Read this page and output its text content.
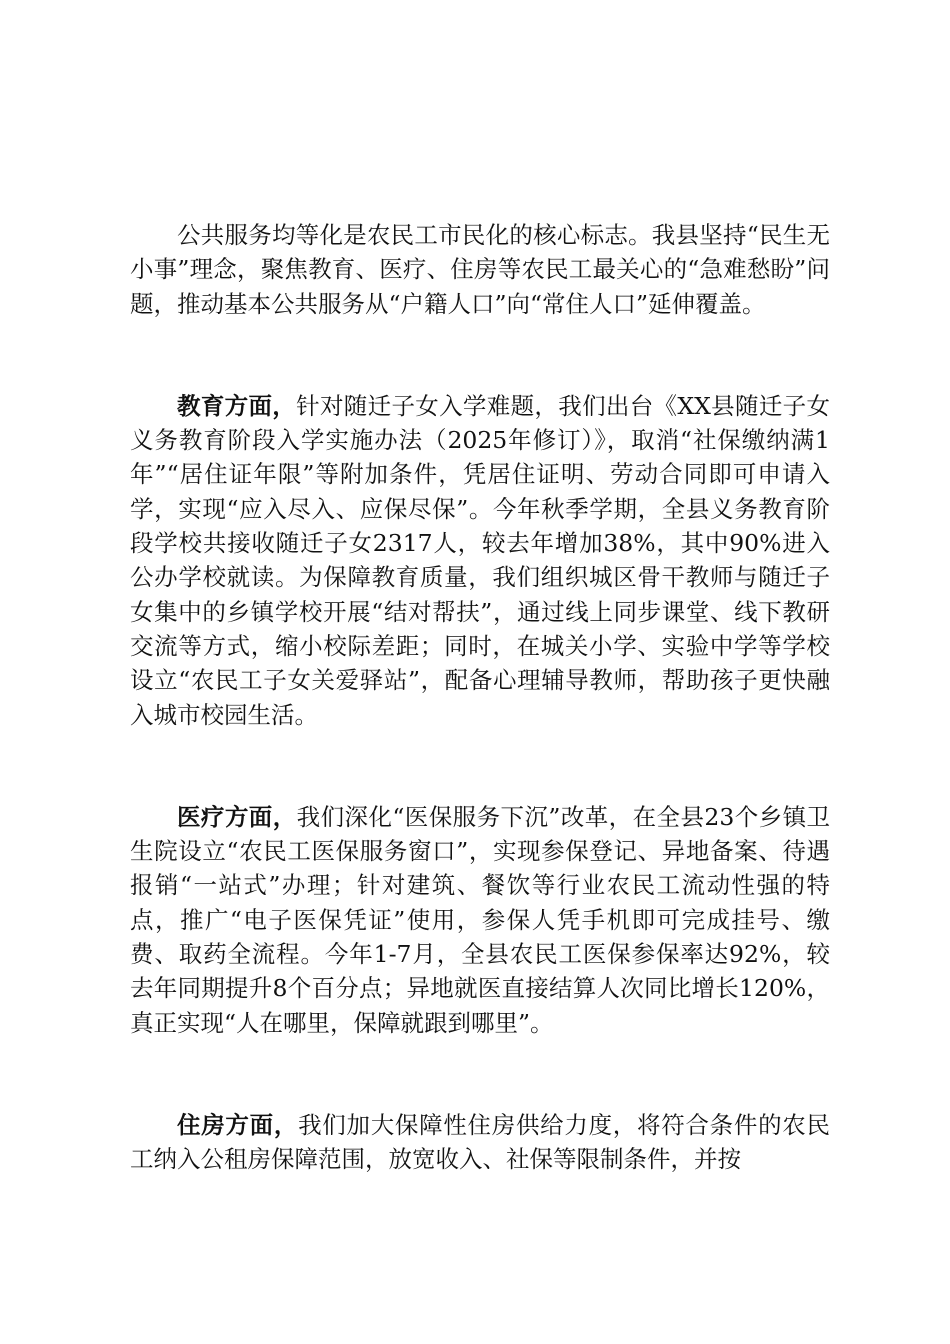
公共服务均等化是农民工市民化的核心标志。我县坚持“民生无小事”理念，聚焦教育、医疗、住房等农民工最关心的“急难愁盼”问题，推动基本公共服务从“户籍人口”向“常住人口”延伸覆盖。

教育方面，针对随迁子女入学难题，我们出台《XX县随迁子女义务教育阶段入学实施办法（2025年修订）》，取消“社保缴纳满1年”“居住证年限”等附加条件，凭居住证明、劳动合同即可申请入学，实现“应入尽入、应保尽保”。今年秋季学期，全县义务教育阶段学校共接收随迁子女2317人，较去年增加38%，其中90%进入公办学校就读。为保障教育质量，我们组织城区骨干教师与随迁子女集中的乡镇学校开展“结对帮扶”，通过线上同步课堂、线下教研交流等方式，缩小校际差距；同时，在城关小学、实验中学等学校设立“农民工子女关爱驿站”，配备心理辅导教师，帮助孩子更快融入城市校园生活。

医疗方面，我们深化“医保服务下沉”改革，在全县23个乡镇卫生院设立“农民工医保服务窗口”，实现参保登记、异地备案、待遇报销“一站式”办理；针对建筑、餐饮等行业农民工流动性强的特点，推广“电子医保凭证”使用，参保人凭手机即可完成挂号、缴费、取药全流程。今年1-7月，全县农民工医保参保率达92%，较去年同期提升8个百分点；异地就医直接结算人次同比增长120%，真正实现“人在哪里，保障就跟到哪里”。

住房方面，我们加大保障性住房供给力度，将符合条件的农民工纳入公租房保障范围，放宽收入、社保等限制条件，并按
